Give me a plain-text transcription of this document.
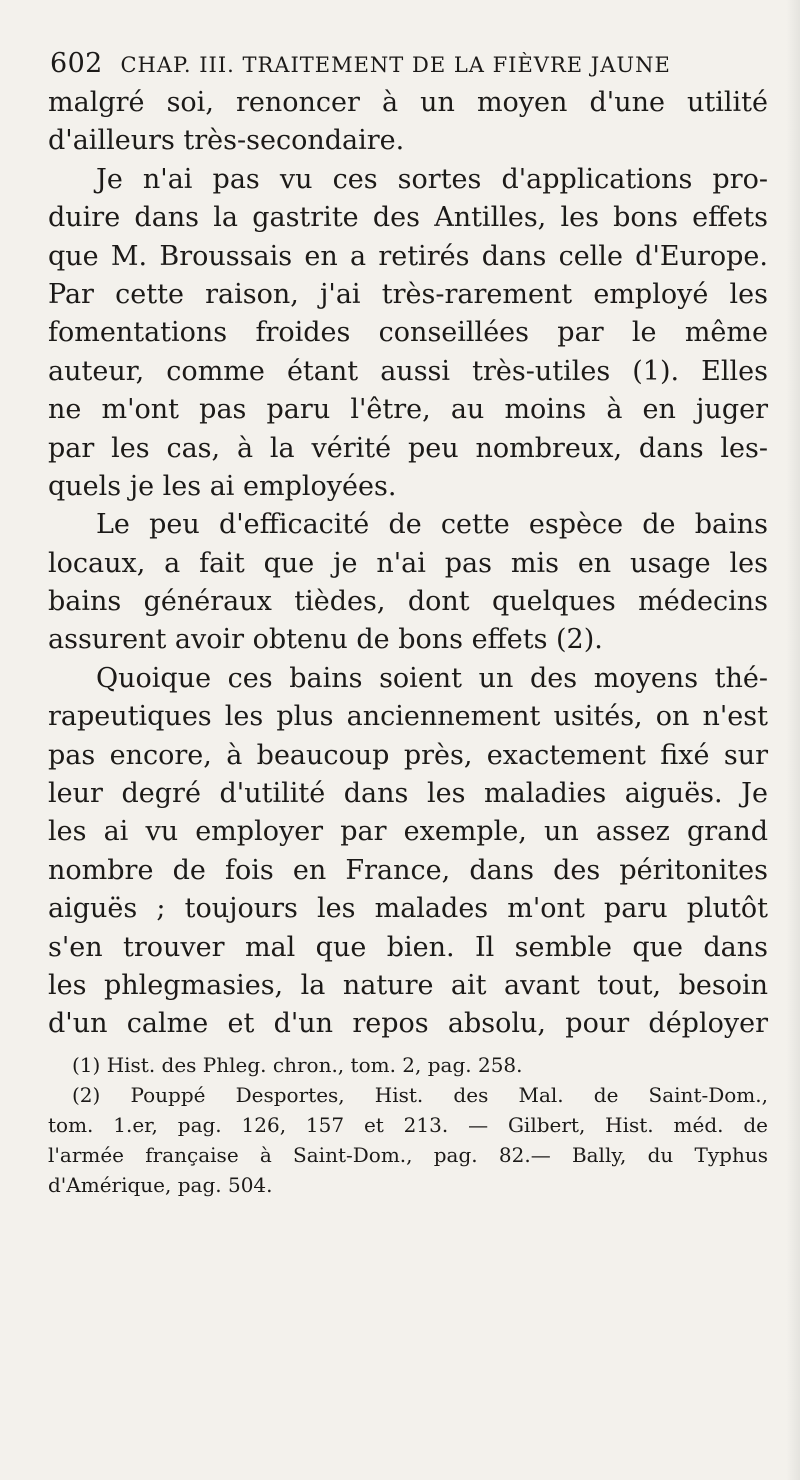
602 CHAP. III. TRAITEMENT DE LA FIÈVRE JAUNE
malgré soi, renoncer à un moyen d'une utilité
d'ailleurs très-secondaire.
Je n'ai pas vu ces sortes d'applications pro-
duire dans la gastrite des Antilles, les bons effets
que M. Broussais en a retirés dans celle d'Europe.
Par cette raison, j'ai très-rarement employé les
fomentations froides conseillées par le même
auteur, comme étant aussi très-utiles (1). Elles
ne m'ont pas paru l'être, au moins à en juger
par les cas, à la vérité peu nombreux, dans les-
quels je les ai employées.
Le peu d'efficacité de cette espèce de bains
locaux, a fait que je n'ai pas mis en usage les
bains généraux tièdes, dont quelques médecins
assurent avoir obtenu de bons effets (2).
Quoique ces bains soient un des moyens thé-
rapeutiques les plus anciennement usités, on n'est
pas encore, à beaucoup près, exactement fixé sur
leur degré d'utilité dans les maladies aiguës. Je
les ai vu employer par exemple, un assez grand
nombre de fois en France, dans des péritonites
aiguës ; toujours les malades m'ont paru plutôt
s'en trouver mal que bien. Il semble que dans
les phlegmasies, la nature ait avant tout, besoin
d'un calme et d'un repos absolu, pour déployer
(1) Hist. des Phleg. chron., tom. 2, pag. 258.
(2) Pouppé Desportes, Hist. des Mal. de Saint-Dom.,
tom. 1.er, pag. 126, 157 et 213. — Gilbert, Hist. méd. de
l'armée française à Saint-Dom., pag. 82.— Bally, du Typhus
d'Amérique, pag. 504.
